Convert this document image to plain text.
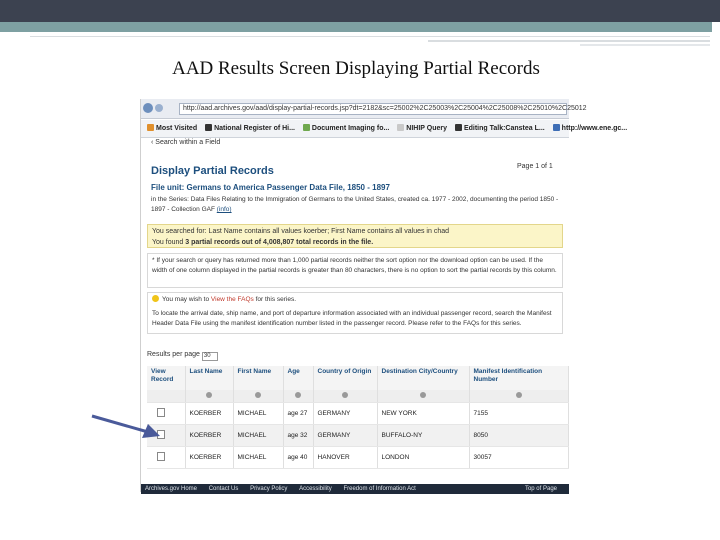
AAD Results Screen Displaying Partial Records
http://aad.archives.gov/aad/display-partial-records.jsp?dt=2182&sc=25002%2C25003%2C25004%2C25008%2C25010%2C25012
Most Visited National Register of Hi... Document Imaging fo... NIHIP Query Editing Talk:Canstea L... http://www.ene.gc...
‹ Search within a Field
Display Partial Records	Page 1 of 1
File unit: Germans to America Passenger Data File, 1850 - 1897
in the Series: Data Files Relating to the Immigration of Germans to the United States, created ca. 1977 - 2002, documenting the period 1850 - 1897 - Collection GAF (info)
You searched for: Last Name contains all values koerber; First Name contains all values in chad
You found 3 partial records out of 4,008,807 total records in the file.
* If your search or query has returned more than 1,000 partial records neither the sort option nor the download option can be used. If the width of one column displayed in the partial records is greater than 80 characters, there is no option to sort the partial records by this column.
You may wish to View the FAQs for this series.
To locate the arrival date, ship name, and port of departure information associated with an individual passenger record, search the Manifest Header Data File using the manifest identification number listed in the passenger record. Please refer to the FAQs for this series.
Results per page 30
View Record	Last Name	First Name	Age	Country of Origin	Destination City/Country	Manifest Identification Number

	KOERBER	MICHAEL	age 27	GERMANY	NEW YORK	7155
	KOERBER	MICHAEL	age 32	GERMANY	BUFFALO-NY	8050
	KOERBER	MICHAEL	age 40	HANOVER	LONDON	30057
Archives.gov Home Contact Us Privacy Policy Accessibility Freedom of Information Act	Top of Page
